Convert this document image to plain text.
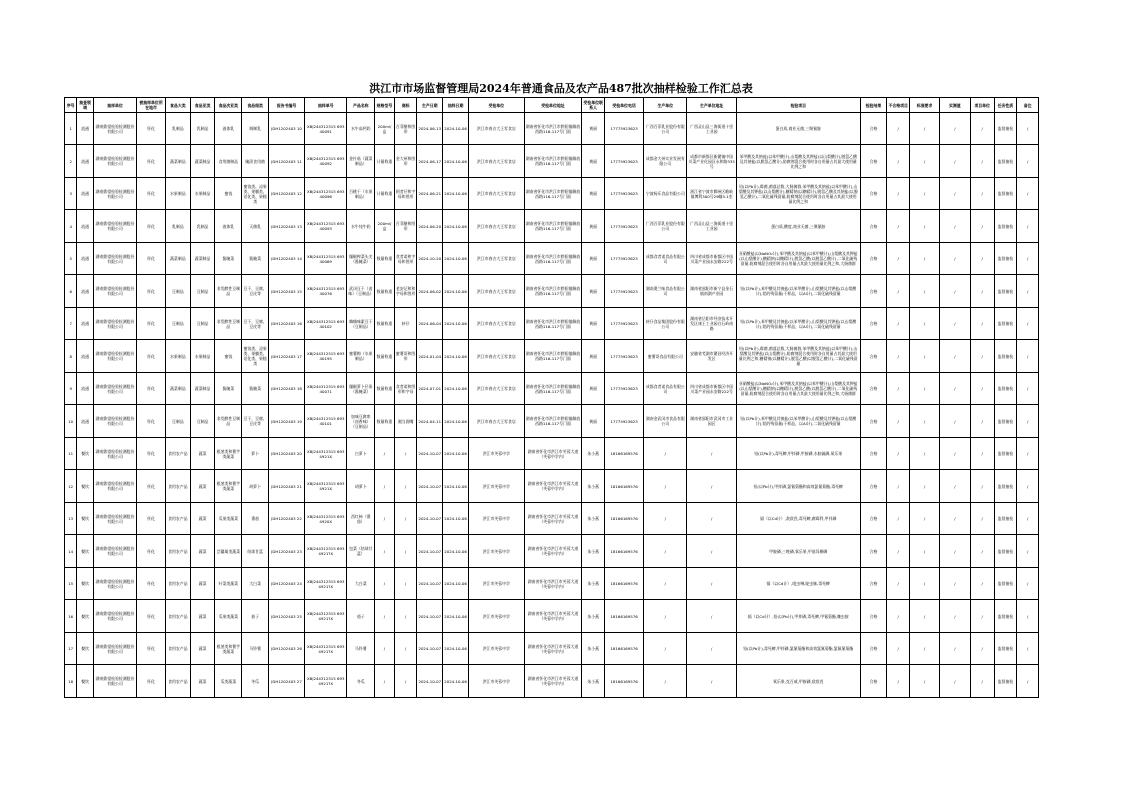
洪江市市场监督管理局2024年普通食品及农产品487批次抽样检验工作汇总表
序号	抽查领域	抽样单位	被抽样单位所在地市	食品大类	食品亚类	食品次亚类	食品细类	报告书编号	抽样单号	产品名称	规格型号	商标	生产日期	抽样日期	受检单位	受检单位地址	受检单位联系人	受检单位电话	生产单位	生产单位地址	检验项目	检验结果	不合格项目	标准要求	实测值	项目单位	任务性质	备注
1	流通	湖南鼎望检验检测股份有限公司	怀化	乳制品	乳制品	液体乳	调制乳	JDH1202403 10	XBJ244312515 69340091	水牛高钙奶	200ml/盒	百菲酪和图形	2024-06-13	2024-10-06	洪江市春吉大王零食店	湖南省怀化市洪江市黔阳镇解放西路116-117号门面	黄丽	17775923623	广西百菲乳业股份有限公司	广西灵山县三海街道十里工业园	蛋白质,商业无菌,三聚氰胺	合格	/	/	/	/	监督抽检	/
2	流通	湖南鼎望检验检测股份有限公司	怀化	蔬菜制品	蔬菜制品	食用菌制品	腌渍食用菌	JDH1202403 11	XBJ244312515 69340092	金针菇（蔬菜制品）	计量称重	金大州和图形	2024-06-17	2024-10-06	洪江市春吉大王零食店	湖南省怀化市洪江市黔阳镇解放西路116-117号门面	黄丽	17775923623	成都金大州实业发展有限公司	成都市新都区新繁镇中国川菜产业化园区永和路335号	苯甲酸及其钠盐(以苯甲酸计),山梨酸及其钾盐(以山梨酸计),脱氢乙酸及其钠盐(以脱氢乙酸计),防腐剂混合使用时各自用量占其最大使用量比例之和	合格	/	/	/	/	监督抽检	/
3	流通	湖南鼎望检验检测股份有限公司	怀化	水果制品	水果制品	蜜饯	蜜饯类、凉果类、果脯类、话化类、果糕类	JDH1202403 12	XBJ244312515 69340096	百桃干（水果制品）	计量称重	阿者仔和字母和图形	2024-06-21	2024-10-06	洪江市春吉大王零食店	湖南省怀化市洪江市黔阳镇解放西路116-117号门面	黄丽	17775923623	宁波杨乐食品有限公司	浙江省宁波市鄞州区瞻岐镇博利300号29幢5-1室	铅(以Pb计),霉菌,菌落总数,大肠菌群,苯甲酸及其钠盐(以苯甲酸计),山梨酸及其钾盐(以山梨酸计),糖精钠(以糖精计),脱氢乙酸及其钠盐(以脱氢乙酸计),二氧化硫残留量,防腐剂混合使用时各自用量占其最大使用量比例之和	合格	/	/	/	/	监督抽检	/
4	流通	湖南鼎望检验检测股份有限公司	怀化	乳制品	乳制品	液体乳	灭菌乳	JDH1202403 13	XBJ244312515 69340093	水牛纯牛奶	200ml/盒	百菲酪和图形	2024-06-20	2024-10-06	洪江市春吉大王零食店	湖南省怀化市洪江市黔阳镇解放西路116-117号门面	黄丽	17775923623	广西百菲乳业股份有限公司	广西灵山县三海街道十里工业园	蛋白质,酸度,商业无菌,三聚氰胺	合格	/	/	/	/	监督抽检	/
5	流通	湖南鼎望检验检测股份有限公司	怀化	蔬菜制品	蔬菜制品	酱腌菜	酱腌菜	JDH1202403 14	XBJ244312515 69340069	爆椒榨菜头尖（酱腌菜）	数量称重	食者诺和字母和图形	2024-10-20	2024-10-06	洪江市春吉大王零食店	湖南省怀化市洪江市黔阳镇解放西路116-117号门面	黄丽	17775923623	成都食者诺食品有限公司	四川省成都市新都区中国川菜产业园永安路222号	亚硝酸盐(以NaNO₂计),苯甲酸及其钠盐(以苯甲酸计),山梨酸及其钾盐(以山梨酸计),糖精钠(以糖精计),脱氢乙酸(以脱氢乙酸计),二氧化硫残留量,防腐剂混合使用时各自用量占其最大使用量比例之和,大肠菌群	合格	/	/	/	/	监督抽检	/
6	流通	湖南鼎望检验检测股份有限公司	怀化	豆制品	豆制品	非发酵性豆制品	豆干、豆腐、豆皮等	JDH1202403 15	XBJ244312515 69340076	武冈豆干（卤味）（豆制品）	数量称重	老安记和和字母和图形	2024-06-02	2024-10-06	洪江市春吉大王零食店	湖南省怀化市洪江市黔阳镇解放西路116-117号门面	黄丽	17775923623	湖南奥兰味食品有限公司	湖南省邵阳市新宁县金石镇南湖产业园	铅(以Pb计),苯甲酸及其钠盐(以苯甲酸计),山梨酸及其钾盐(以山梨酸计),铝的残留量(干样品，以Al计),二氧化硫残留量	合格	/	/	/	/	监督抽检	/
7	流通	湖南鼎望检验检测股份有限公司	怀化	豆制品	豆制品	非发酵性豆制品	豆干、豆腐、豆皮等	JDH1202403 16	XBJ244312515 69340102	嗨嗨味素豆干（豆制品）	数量称重	转仔	2024-06-04	2024-10-06	洪江市春吉大王零食店	湖南省怀化市洪江市黔阳镇解放西路116-117号门面	黄丽	17775923623	转仔食品集团股份有限公司	湖南省岳阳市经济技术开发区康王工业园白石岭南路	铅(以Pb计),苯甲酸及其钠盐(以苯甲酸计),山梨酸及其钾盐(以山梨酸计),铝的残留量(干样品，以Al计),二氧化硫残留量	合格	/	/	/	/	监督抽检	/
8	流通	湖南鼎望检验检测股份有限公司	怀化	水果制品	水果制品	蜜饯	蜜饯类、凉果类、果脯类、话化类、果糕类	JDH1202403 17	XBJ244312515 69340195	蜜薯梅（水果制品）	数量称重	蜜薯哥和图形	2024-01-04	2024-10-06	洪江市春吉大王零食店	湖南省怀化市洪江市黔阳镇解放西路116-117号门面	黄丽	17775923623	蜜薯哥食品有限公司	安徽省芜湖市繁昌经济开发区	铅(以Pb计),霉菌,菌落总数,大肠菌群,苯甲酸及其钠盐(以苯甲酸计),山梨酸及其钾盐(以山梨酸计),防腐剂混合使用时各自用量占其最大使用量比例之和,糖精钠(以糖精计),脱氢乙酸(以脱氢乙酸计),二氧化硫残留量	合格	/	/	/	/	监督抽检	/
9	流通	湖南鼎望检验检测股份有限公司	怀化	蔬菜制品	蔬菜制品	酱腌菜	酱腌菜	JDH1202403 18	XBJ244312515 69340071	爆椒萝卜仔条（酱腌菜）	数量称重	食者诺和图形和字母	2024-07-01	2024-10-06	洪江市春吉大王零食店	湖南省怀化市洪江市黔阳镇解放西路116-117号门面	黄丽	17775923623	成都食者诺食品有限公司	四川省成都市新都区中国川菜产业园永安路222号	亚硝酸盐(以NaNO₂计),苯甲酸及其钠盐(以苯甲酸计),山梨酸及其钾盐(以山梨酸计),糖精钠(以糖精计),脱氢乙酸(以脱氢乙酸计),二氧化硫残留量,防腐剂混合使用时各自用量占其最大使用量比例之和,大肠菌群	合格	/	/	/	/	监督抽检	/
10	流通	湖南鼎望检验检测股份有限公司	怀化	豆制品	豆制品	非发酵性豆制品	豆干、豆腐、豆皮等	JDH1202403 19	XBJ244312515 69340101	加味豆腐串（卤香味）（豆制品）	数量称重	湘当润嘴	2024-04-11	2024-10-06	洪江市春吉大王零食店	湖南省怀化市洪江市黔阳镇解放西路116-117号门面	黄丽	17775923623	湖南金武冈市食品有限公司	湖南省邵阳市武冈市工业园区	铅(以Pb计),苯甲酸及其钠盐(以苯甲酸计),山梨酸及其钾盐(以山梨酸计),铝的残留量(干样品，以Al计),二氧化硫残留量	合格	/	/	/	/	监督抽检	/
11	餐饮	湖南鼎望检验检测股份有限公司	怀化	食用农产品	蔬菜	根茎类和薯芋类蔬菜	萝卜	JDH1202403 20	XBJ244312515 6934921X	白萝卜	/	/	2024-10-07	2024-10-06	洪江市芙蓉中学	湖南省怀化市洪江市芙蓉大道（芙蓉中学内）	朱小燕	18166169576	/	/	铅(以Pb计),毒死蜱,甲拌磷,甲胺磷,水胺硫磷,氧乐果	合格	/	/	/	/	监督抽检	/
12	餐饮	湖南鼎望检验检测股份有限公司	怀化	食用农产品	蔬菜	根茎类和薯芋类蔬菜	胡萝卜	JDH1202403 21	XBJ244312515 6934921X	胡萝卜	/	/	2024-10-07	2024-10-06	洪江市芙蓉中学	湖南省怀化市洪江市芙蓉大道（芙蓉中学内）	朱小燕	18166169576	/	/	铅(以Pb计),甲拌磷,氯氰菊酯和高效氯氰菊酯,毒死蜱	合格	/	/	/	/	监督抽检	/
13	餐饮	湖南鼎望检验检测股份有限公司	怀化	食用农产品	蔬菜	瓜果类蔬菜	番茄	JDH1202403 22	XBJ244312515 6934920X	西红柿（番茄）	/	/	2024-10-07	2024-10-06	洪江市芙蓉中学	湖南省怀化市洪江市芙蓉大道（芙蓉中学内）	朱小燕	18166169576	/	/	镉（以Cd计）,敌敌畏,毒死蜱,腐霉利,甲拌磷	合格	/	/	/	/	监督抽检	/
14	餐饮	湖南鼎望检验检测股份有限公司	怀化	食用农产品	蔬菜	芸薹属类蔬菜	结球甘蓝	JDH1202403 23	XBJ244312515 6934921?X	包菜（结球甘蓝）	/	/	2024-10-07	2024-10-06	洪江市芙蓉中学	湖南省怀化市洪江市芙蓉大道（芙蓉中学内）	朱小燕	18166169576	/	/	甲胺磷,三唑磷,氧乐果,甲基异柳磷	合格	/	/	/	/	监督抽检	/
15	餐饮	湖南鼎望检验检测股份有限公司	怀化	食用农产品	蔬菜	叶菜类蔬菜	大白菜	JDH1202403 24	XBJ244312515 6934921?X	大白菜	/	/	2024-10-07	2024-10-06	洪江市芙蓉中学	湖南省怀化市洪江市芙蓉大道（芙蓉中学内）	朱小燕	18166169576	/	/	镉（以Cd计）,吡虫啉,啶虫脒,毒死蜱	合格	/	/	/	/	监督抽检	/
16	餐饮	湖南鼎望检验检测股份有限公司	怀化	食用农产品	蔬菜	瓜果类蔬菜	茄子	JDH1202403 25	XBJ244312515 6934921?X	茄子	/	/	2024-10-07	2024-10-06	洪江市芙蓉中学	湖南省怀化市洪江市芙蓉大道（芙蓉中学内）	朱小燕	18166169576	/	/	镉（以Cd计）,铅(以Pb计),甲拌磷,毒死蜱,甲氰菊酯,噻虫胺	合格	/	/	/	/	监督抽检	/
17	餐饮	湖南鼎望检验检测股份有限公司	怀化	食用农产品	蔬菜	根茎类和薯芋类蔬菜	马铃薯	JDH1202403 26	XBJ244312515 6934921?X	马铃薯	/	/	2024-10-07	2024-10-06	洪江市芙蓉中学	湖南省怀化市洪江市芙蓉大道（芙蓉中学内）	朱小燕	18166169576	/	/	铅(以Pb计),毒死蜱,甲拌磷,氯氰菊酯和高效氯氰菊酯,氯氟氰菊酯	合格	/	/	/	/	监督抽检	/
18	餐饮	湖南鼎望检验检测股份有限公司	怀化	食用农产品	蔬菜	瓜类蔬菜	冬瓜	JDH1202403 27	XBJ244312515 6934921?X	冬瓜	/	/	2024-10-07	2024-10-06	洪江市芙蓉中学	湖南省怀化市洪江市芙蓉大道（芙蓉中学内）	朱小燕	18166169576	/	/	氧乐果,克百威,甲胺磷,敌敌畏	合格	/	/	/	/	监督抽检	/
